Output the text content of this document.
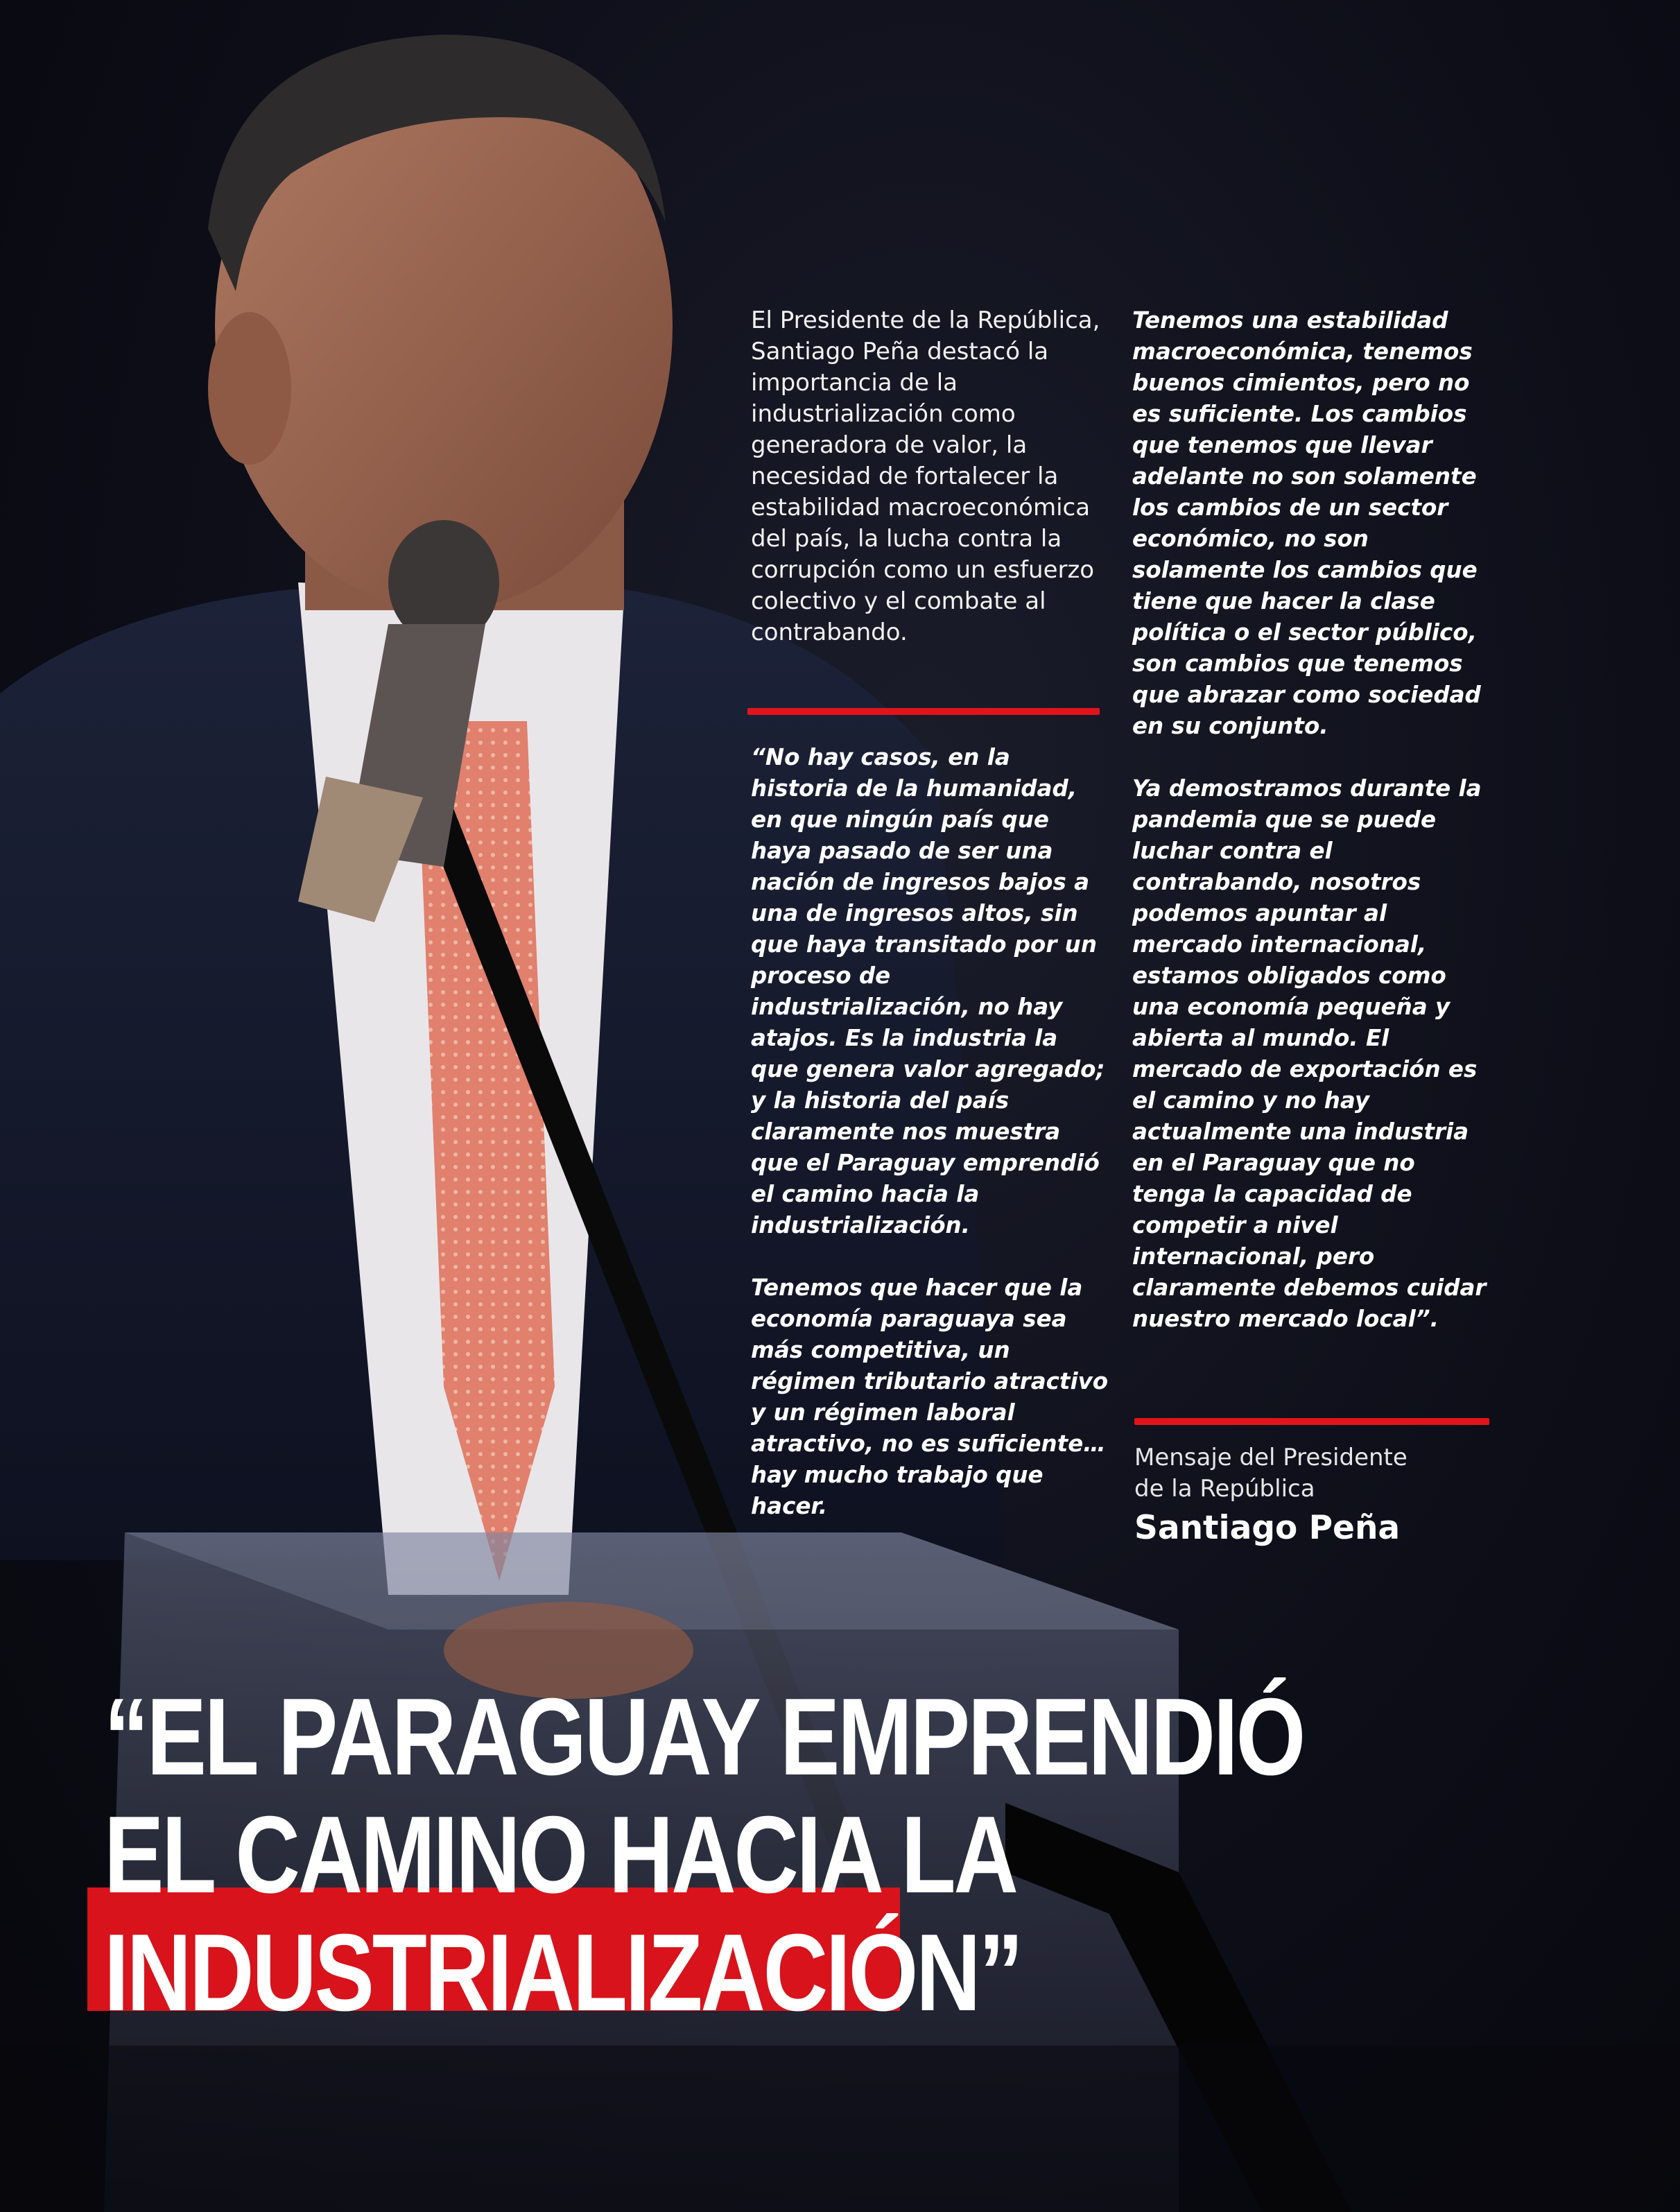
El Presidente de la República, Santiago Peña destacó la importancia de la industrialización como generadora de valor, la necesidad de fortalecer la estabilidad macroeconómica del país, la lucha contra la corrupción como un esfuerzo colectivo y el combate al contrabando.

“No hay casos, en la historia de la humanidad, en que ningún país que haya pasado de ser una nación de ingresos bajos a una de ingresos altos, sin que haya transitado por un proceso de industrialización, no hay atajos. Es la industria la que genera valor agregado; y la historia del país claramente nos muestra que el Paraguay emprendió el camino hacia la industrialización.

Tenemos que hacer que la economía paraguaya sea más competitiva, un régimen tributario atractivo y un régimen laboral atractivo, no es suficiente…hay mucho trabajo que hacer.

Tenemos una estabilidad macroeconómica, tenemos buenos cimientos, pero no es suficiente. Los cambios que tenemos que llevar adelante no son solamente los cambios de un sector económico, no son solamente los cambios que tiene que hacer la clase política o el sector público, son cambios que tenemos que abrazar como sociedad en su conjunto.

Ya demostramos durante la pandemia que se puede luchar contra el contrabando, nosotros podemos apuntar al mercado internacional, estamos obligados como una economía pequeña y abierta al mundo. El mercado de exportación es el camino y no hay actualmente una industria en el Paraguay que no tenga la capacidad de competir a nivel internacional, pero claramente debemos cuidar nuestro mercado local”.

Mensaje del Presidente
de la República
Santiago Peña
“EL PARAGUAY EMPRENDIÓ
EL CAMINO HACIA LA
INDUSTRIALIZACIÓN”
